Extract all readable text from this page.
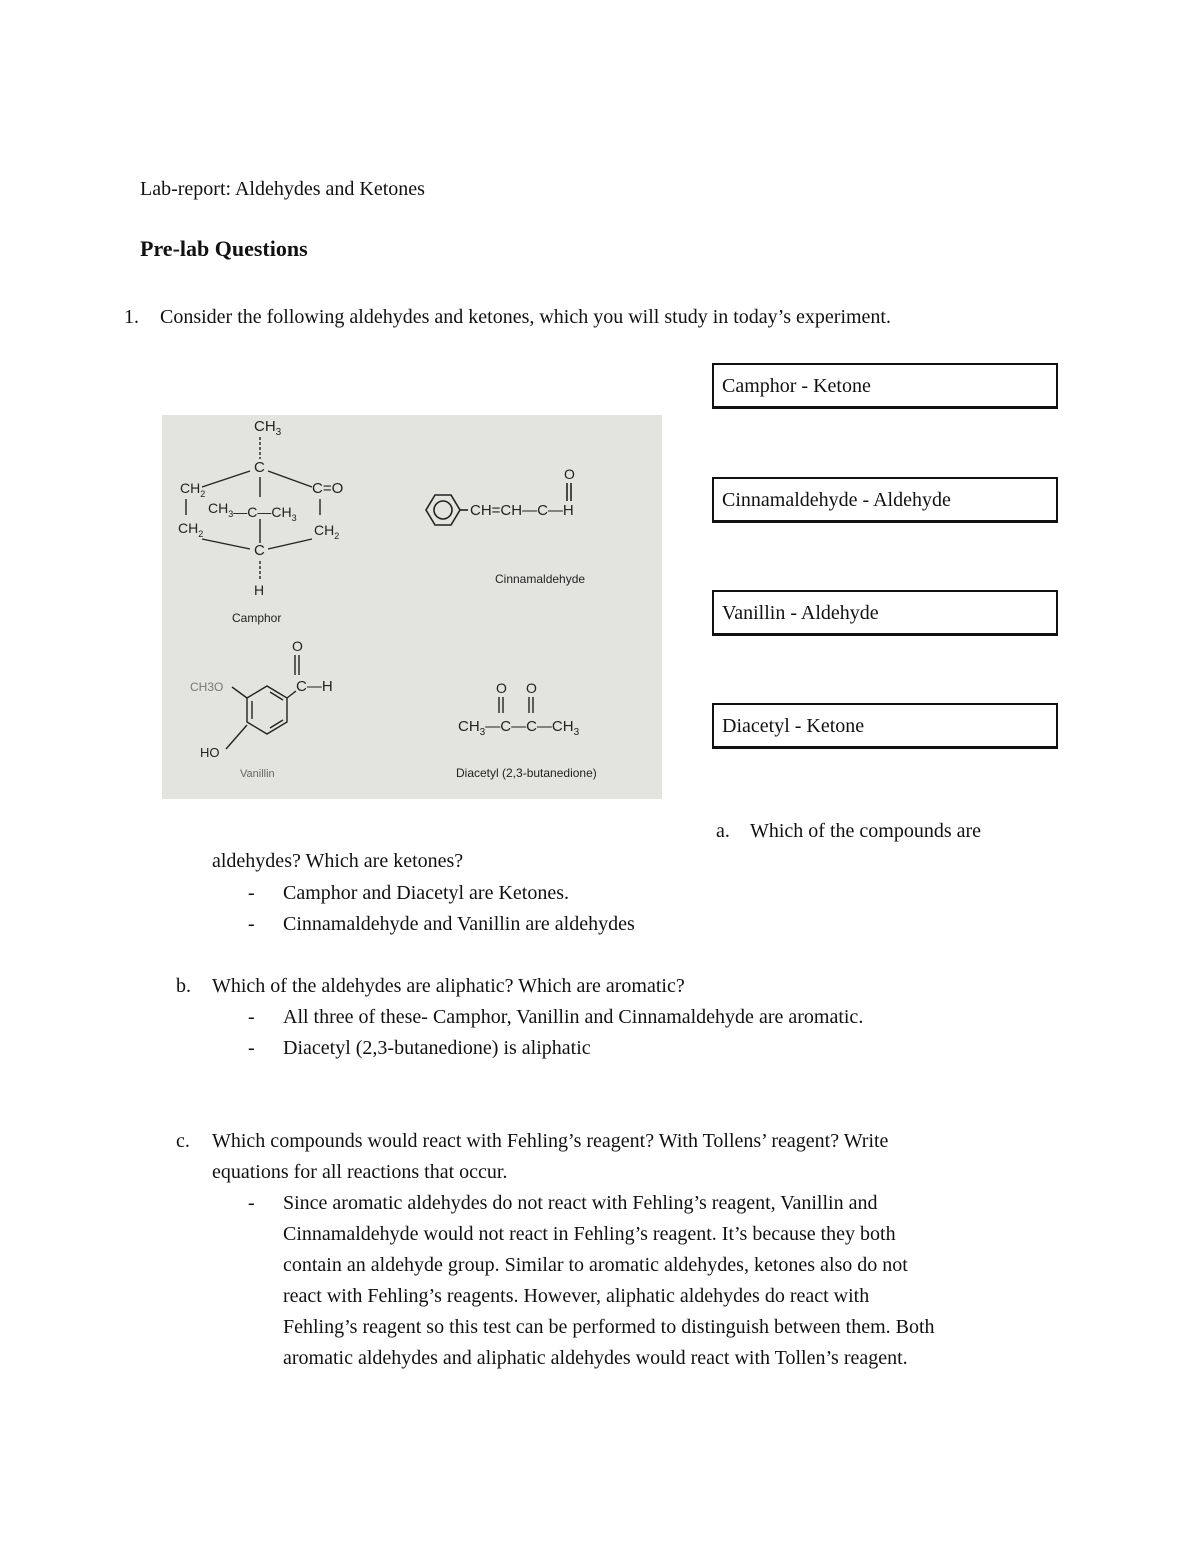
Lab-report: Aldehydes and Ketones
Pre-lab Questions
1. Consider the following aldehydes and ketones, which you will study in today’s experiment.
Camphor - Ketone
Cinnamaldehyde - Aldehyde
Vanillin - Aldehyde
Diacetyl - Ketone
$CH_3$
C
$CH_2$	C=O
$CH_3—C—CH_3$
$CH_2$	$CH_2$
C
H
Camphor
CH=CH—C—H
O
Cinnamaldehyde
C—H
O
CH3O
HO
Vanillin
O O
$CH_3—C—C—CH_3$
Diacetyl (2,3-butanedione)
a. Which of the compounds are
aldehydes? Which are ketones?
- Camphor and Diacetyl are Ketones.
- Cinnamaldehyde and Vanillin are aldehydes
b. Which of the aldehydes are aliphatic? Which are aromatic?
- All three of these- Camphor, Vanillin and Cinnamaldehyde are aromatic.
- Diacetyl (2,3-butanedione) is aliphatic
c. Which compounds would react with Fehling’s reagent? With Tollens’ reagent? Write
equations for all reactions that occur.
- Since aromatic aldehydes do not react with Fehling’s reagent, Vanillin and
Cinnamaldehyde would not react in Fehling’s reagent. It’s because they both
contain an aldehyde group. Similar to aromatic aldehydes, ketones also do not
react with Fehling’s reagents. However, aliphatic aldehydes do react with
Fehling’s reagent so this test can be performed to distinguish between them. Both
aromatic aldehydes and aliphatic aldehydes would react with Tollen’s reagent.
